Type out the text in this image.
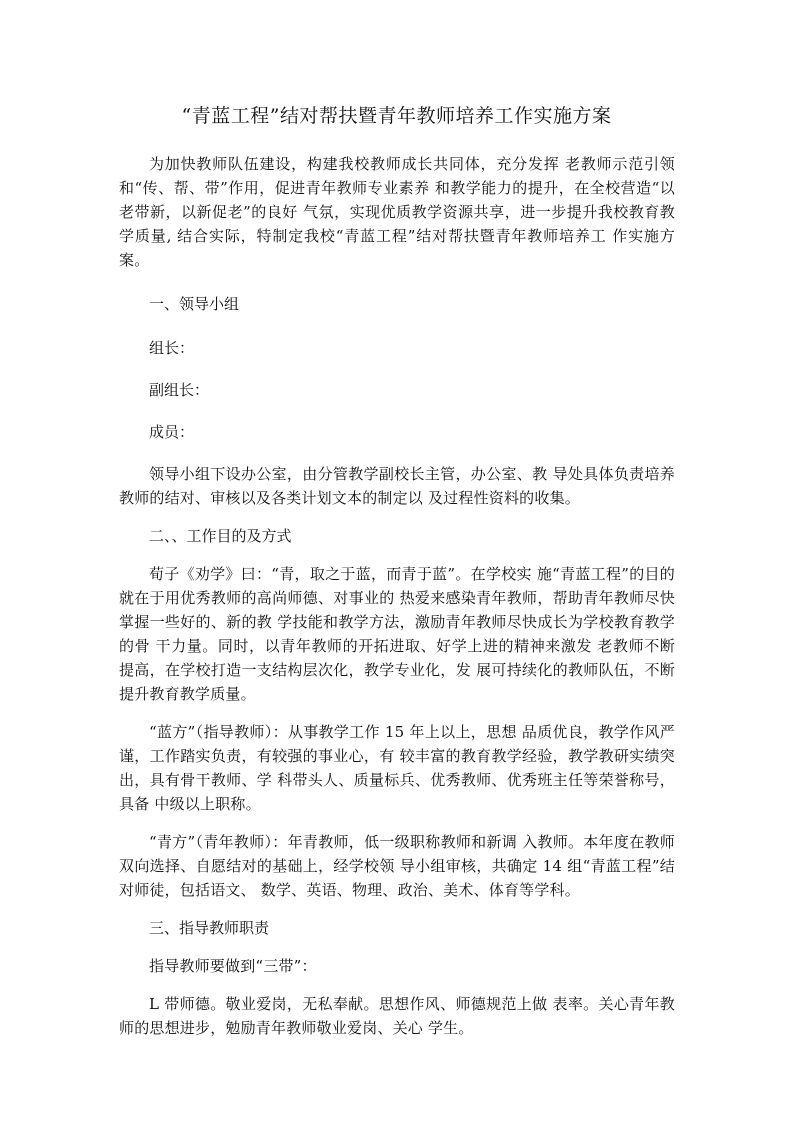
“青蓝工程”结对帮扶暨青年教师培养工作实施方案

为加快教师队伍建设，构建我校教师成长共同体，充分发挥 老教师示范引领和“传、帮、带”作用，促进青年教师专业素养 和教学能力的提升，在全校营造“以老带新，以新促老”的良好 气氛，实现优质教学资源共享，进一步提升我校教育教学质量, 结合实际，特制定我校“青蓝工程”结对帮扶暨青年教师培养工 作实施方案。

一、领导小组

组长：

副组长：

成员：

领导小组下设办公室，由分管教学副校长主管，办公室、教 导处具体负责培养教师的结对、审核以及各类计划文本的制定以 及过程性资料的收集。

二、、工作目的及方式

荀子《劝学》曰：“青，取之于蓝，而青于蓝”。在学校实 施“青蓝工程”的目的就在于用优秀教师的高尚师德、对事业的 热爱来感染青年教师，帮助青年教师尽快掌握一些好的、新的教 学技能和教学方法，激励青年教师尽快成长为学校教育教学的骨 干力量。同时，以青年教师的开拓进取、好学上进的精神来激发 老教师不断提高，在学校打造一支结构层次化，教学专业化，发 展可持续化的教师队伍，不断提升教育教学质量。

“蓝方”（指导教师）：从事教学工作 15 年上以上，思想 品质优良，教学作风严谨，工作踏实负责，有较强的事业心，有 较丰富的教育教学经验，教学教研实绩突出，具有骨干教师、学 科带头人、质量标兵、优秀教师、优秀班主任等荣誉称号，具备 中级以上职称。

“青方”（青年教师）：年青教师，低一级职称教师和新调 入教师。本年度在教师双向选择、自愿结对的基础上，经学校领 导小组审核，共确定 14 组“青蓝工程”结对师徒，包括语文、 数学、英语、物理、政治、美术、体育等学科。

三、指导教师职责

指导教师要做到“三带”：

L 带师德。敬业爱岗，无私奉献。思想作风、师德规范上做 表率。关心青年教师的思想进步，勉励青年教师敬业爱岗、关心 学生。
